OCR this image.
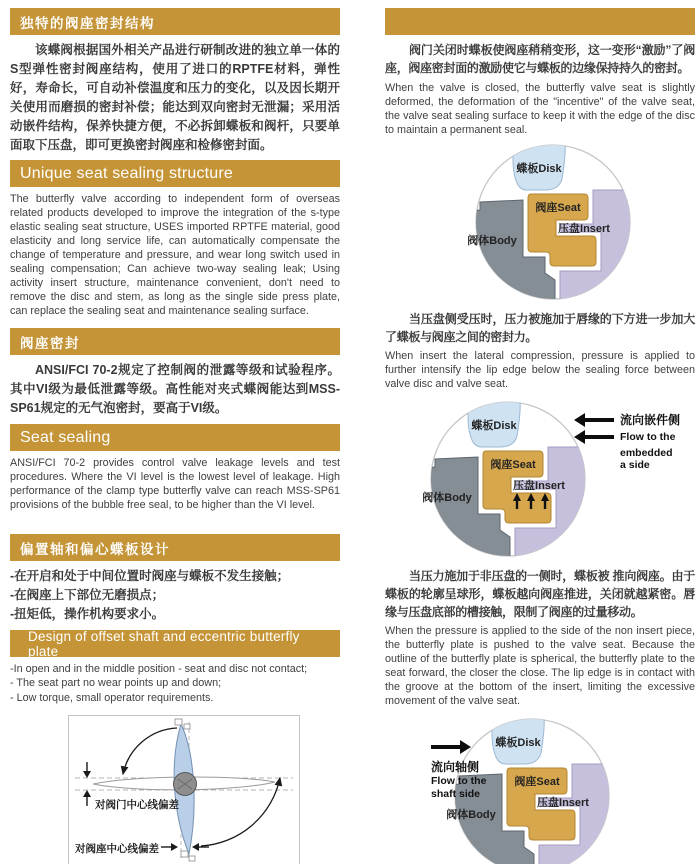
独特的阀座密封结构

该蝶阀根据国外相关产品进行研制改进的独立单一体的S型弹性密封阀座结构，使用了进口的RPTFE材料，弹性好，寿命长，可自动补偿温度和压力的变化，以及因长期开关使用而磨损的密封补偿；能达到双向密封无泄漏；采用活动嵌件结构，保养快捷方便，不必拆卸蝶板和阀杆，只要单面取下压盘，即可更换密封阀座和检修密封面。

Unique seat sealing structure

The butterfly valve according to independent form of overseas related products developed to improve the integration of the s-type elastic sealing seat structure, USES imported RPTFE material, good elasticity and long service life, can automatically compensate the change of temperature and pressure, and wear long switch used in sealing compensation; Can achieve two-way sealing leak; Using activity insert structure, maintenance convenient, don't need to remove the disc and stem, as long as the single side press plate, can replace the sealing seat and maintenance sealing surface.

阀座密封

ANSI/FCI 70-2规定了控制阀的泄露等级和试验程序。其中VI级为最低泄露等级。高性能对夹式蝶阀能达到MSS-SP61规定的无气泡密封，要高于VI级。

Seat sealing

ANSI/FCI 70-2 provides control valve leakage levels and test procedures. Where the VI level is the lowest level of leakage. High performance of the clamp type butterfly valve can reach MSS-SP61 provisions of the bubble free seal, to be higher than the VI level.

偏置轴和偏心蝶板设计
-在开启和处于中间位置时阀座与蝶板不发生接触；
-在阀座上下部位无磨损点；
-扭矩低，操作机构要求小。
Design of offset shaft and eccentric butterfly plate
-In open and in the middle position - seat and disc not contact;
- The seat part no wear points up and down;
- Low torque, small operator requirements.
对阀门中心线偏差
对阀座中心线偏差

阀门关闭时蝶板使阀座稍稍变形，这一变形“激励”了阀座，阀座密封面的激励使它与蝶板的边缘保持持久的密封。

When the valve is closed, the butterfly valve seat is slightly deformed, the deformation of the "incentive" of the valve seat, the valve seat sealing surface to keep it with the edge of the disc to maintain a permanent seal.

蝶板Disk
阀座Seat
压盘Insert
阀体Body

当压盘侧受压时，压力被施加于唇缘的下方进一步加大了蝶板与阀座之间的密封力。

When insert the lateral compression, pressure is applied to further intensify the lip edge below the sealing force between valve disc and valve seat.

蝶板Disk
阀座Seat
压盘Insert
阀体Body
流向嵌件侧
Flow to the
embedded
a side

当压力施加于非压盘的一侧时，蝶板被 推向阀座。由于蝶板的轮廓呈球形，蝶板越向阀座推进，关闭就越紧密。唇缘与压盘底部的槽接触，限制了阀座的过量移动。

When the pressure is applied to the side of the non insert piece, the butterfly plate is pushed to the valve seat. Because the outline of the butterfly plate is spherical, the butterfly plate to the seat forward, the closer the close. The lip edge is in contact with the groove at the bottom of the insert, limiting the excessive movement of the valve seat.

蝶板Disk
阀座Seat
压盘Insert
阀体Body
流向轴侧
Flow to the
shaft side
